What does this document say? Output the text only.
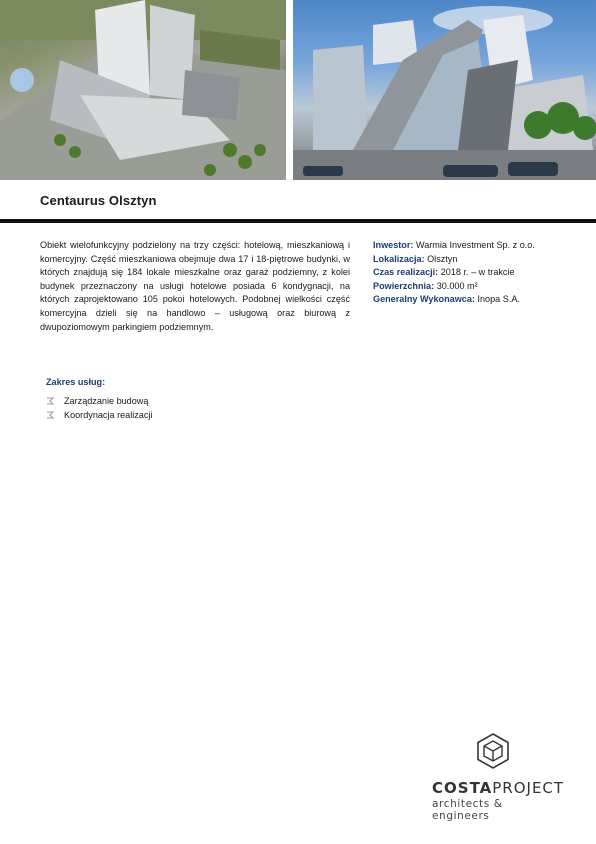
Centaurus Olsztyn
Obiekt wielofunkcyjny podzielony na trzy części: hotelową, mieszkaniową i komercyjny. Część mieszkaniowa obejmuje dwa 17 i 18-piętrowe budynki, w których znajdują się 184 lokale mieszkalne oraz garaż podziemny, z kolei budynek przeznaczony na usługi hotelowe posiada 6 kondygnacji, na których zaprojektowano 105 pokoi hotelowych. Podobnej wielkości część komercyjna dzieli się na handlowo – usługową oraz biurową z dwupoziomowym parkingiem podziemnym.
Inwestor: Warmia Investment Sp. z o.o.
Lokalizacja: Olsztyn
Czas realizacji: 2018 r. – w trakcie
Powierzchnia: 30.000 m²
Generalny Wykonawca: Inopa S.A.
Zakres usług:
Zarządzanie budową
Koordynacja realizacji
COSTAPROJECT
architects & engineers
